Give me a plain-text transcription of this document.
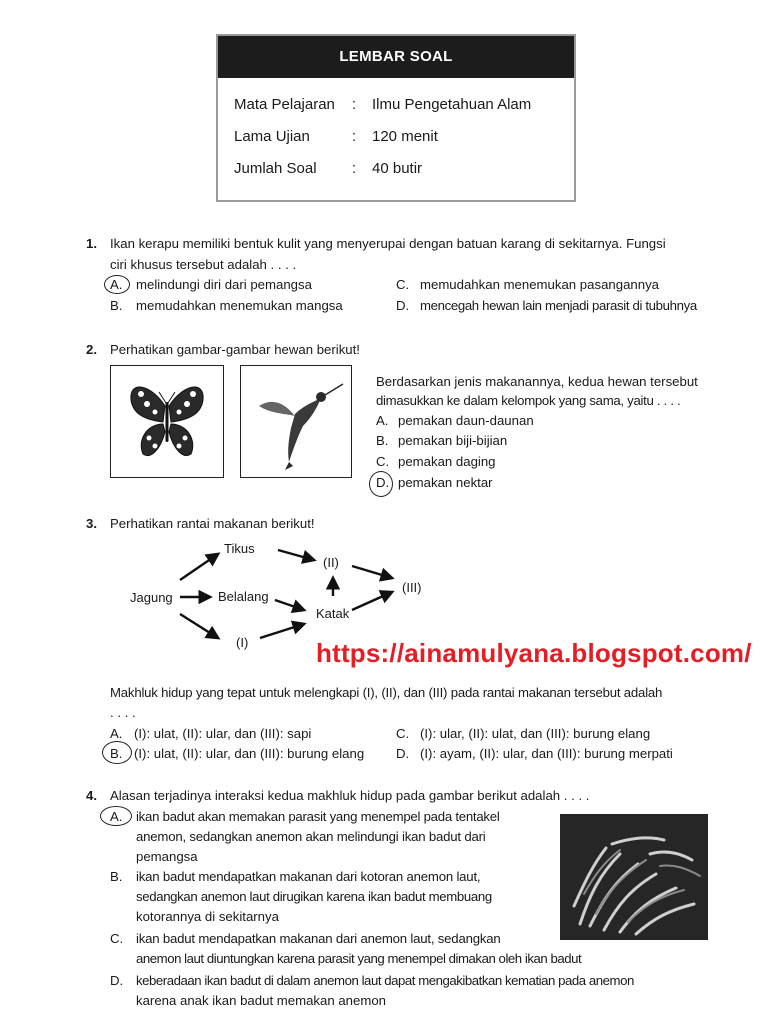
LEMBAR SOAL
Mata Pelajaran	: Ilmu Pengetahuan Alam
Lama Ujian	: 120 menit
Jumlah Soal	: 40 butir
1. Ikan kerapu memiliki bentuk kulit yang menyerupai dengan batuan karang di sekitarnya. Fungsi
ciri khusus tersebut adalah . . . .
A. melindungi diri dari pemangsa
B. memudahkan menemukan mangsa
C. memudahkan menemukan pasangannya
D. mencegah hewan lain menjadi parasit di tubuhnya
2. Perhatikan gambar-gambar hewan berikut!
Berdasarkan jenis makanannya, kedua hewan tersebut
dimasukkan ke dalam kelompok yang sama, yaitu . . . .
A. pemakan daun-daunan
B. pemakan biji-bijian
C. pemakan daging
D. pemakan nektar
3. Perhatikan rantai makanan berikut!
Tikus
Jagung	Belalang
Katak
(II)
(III)
(I)
Makhluk hidup yang tepat untuk melengkapi (I), (II), dan (III) pada rantai makanan tersebut adalah
. . . .
A. (I): ulat, (II): ular, dan (III): sapi
B. (I): ulat, (II): ular, dan (III): burung elang
C. (I): ular, (II): ulat, dan (III): burung elang
D. (I): ayam, (II): ular, dan (III): burung merpati
https://ainamulyana.blogspot.com/
4. Alasan terjadinya interaksi kedua makhluk hidup pada gambar berikut adalah . . . .
A. ikan badut akan memakan parasit yang menempel pada tentakel
anemon, sedangkan anemon akan melindungi ikan badut dari
pemangsa
B. ikan badut mendapatkan makanan dari kotoran anemon laut,
sedangkan anemon laut dirugikan karena ikan badut membuang
kotorannya di sekitarnya
C. ikan badut mendapatkan makanan dari anemon laut, sedangkan
anemon laut diuntungkan karena parasit yang menempel dimakan oleh ikan badut
D. keberadaan ikan badut di dalam anemon laut dapat mengakibatkan kematian pada anemon
karena anak ikan badut memakan anemon
